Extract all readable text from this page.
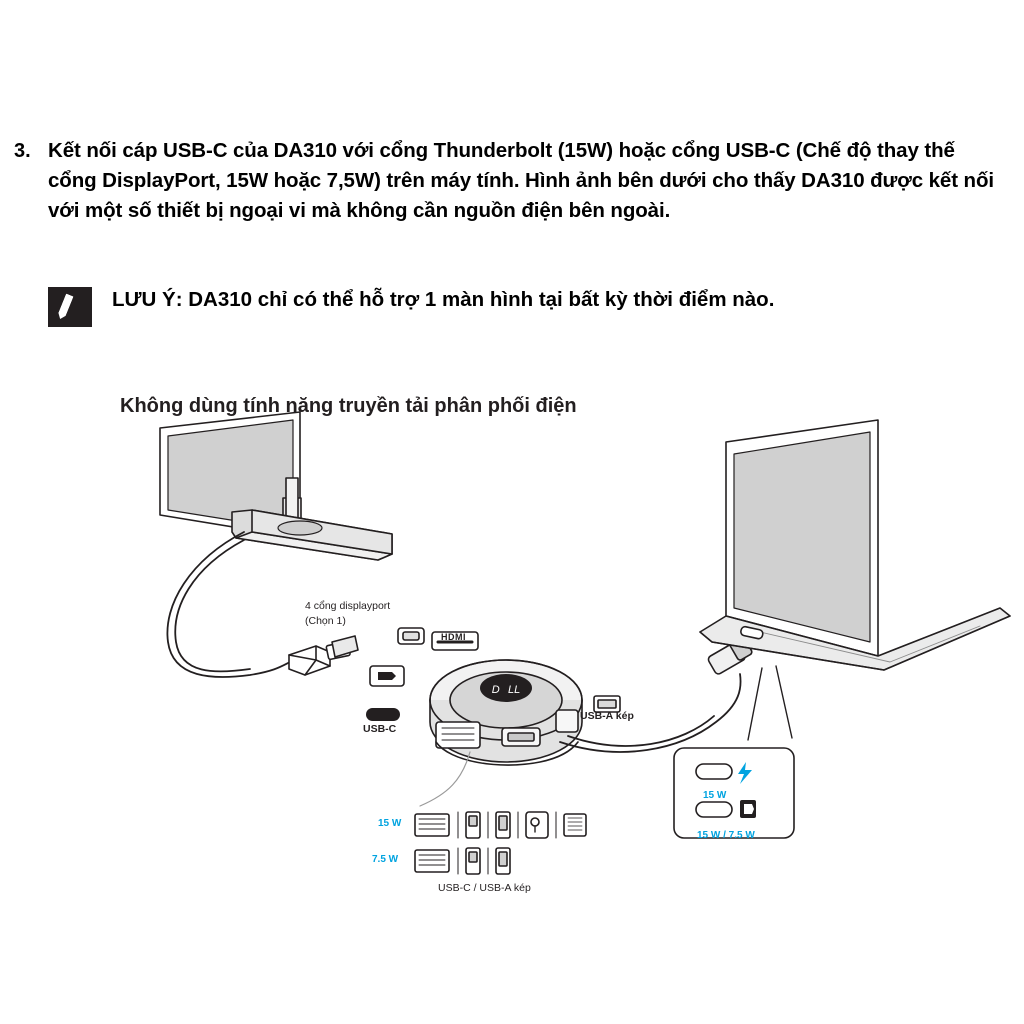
3. Kết nối cáp USB-C của DA310 với cổng Thunderbolt (15W) hoặc cổng USB-C (Chế độ thay thế cổng DisplayPort, 15W hoặc 7,5W) trên máy tính. Hình ảnh bên dưới cho thấy DA310 được kết nối với một số thiết bị ngoại vi mà không cần nguồn điện bên ngoài.
LƯU Ý: DA310 chỉ có thể hỗ trợ 1 màn hình tại bất kỳ thời điểm nào.
Không dùng tính năng truyền tải phân phối điện
D⃞LL
4 cổng displayport
(Chọn 1)
HDMI
USB-C
USB-A kép
15 W
7.5 W
USB-C / USB-A kép
15 W
15 W / 7.5 W
